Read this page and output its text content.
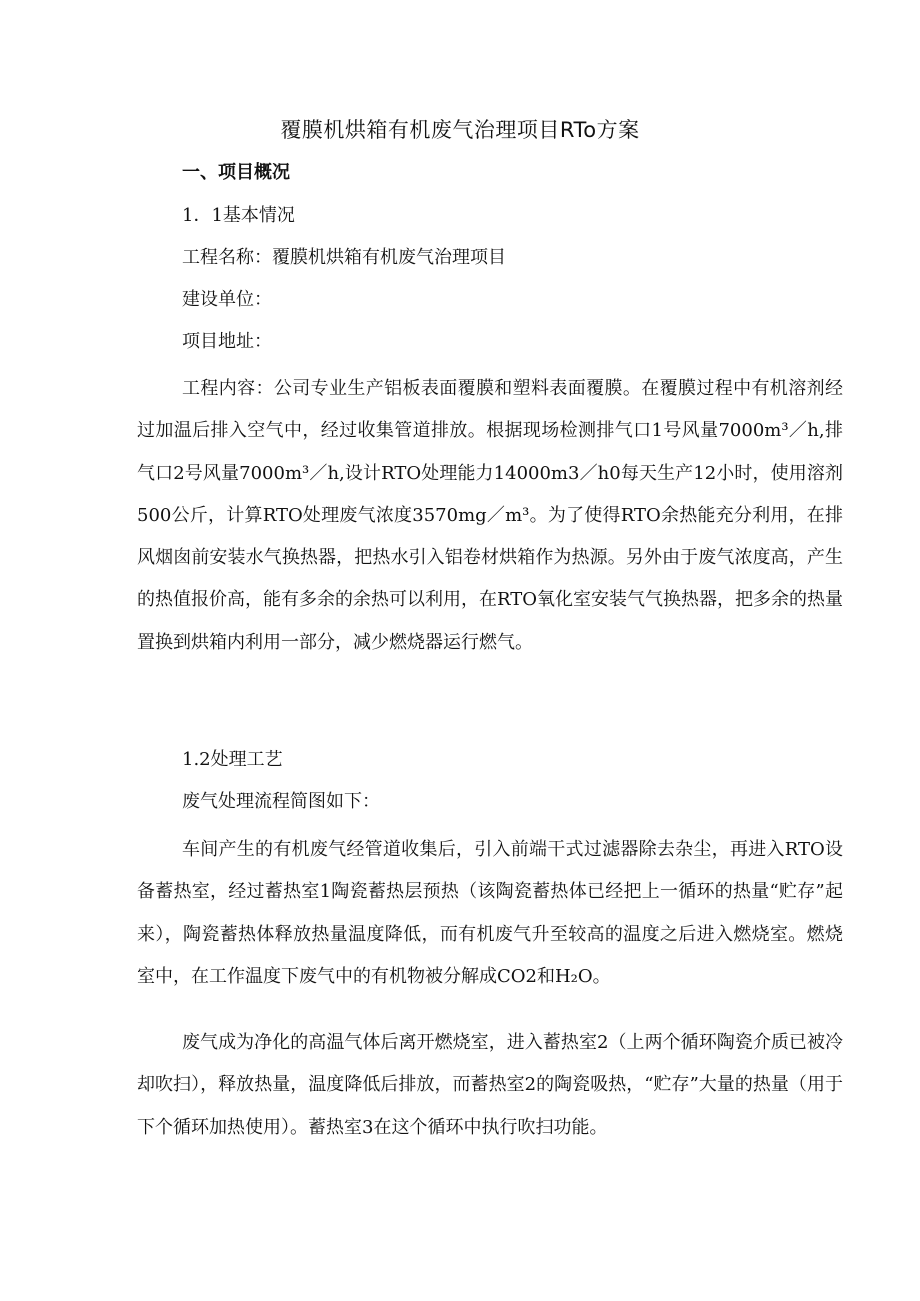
覆膜机烘箱有机废气治理项目RTo方案
一、项目概况

1．1基本情况

工程名称：覆膜机烘箱有机废气治理项目

建设单位：

项目地址：

工程内容：公司专业生产铝板表面覆膜和塑料表面覆膜。在覆膜过程中有机溶剂经过加温后排入空气中，经过收集管道排放。根据现场检测排气口1号风量7000m³／h,排气口2号风量7000m³／h,设计RTO处理能力14000m3／h0每天生产12小时，使用溶剂500公斤，计算RTO处理废气浓度3570mg／m³。为了使得RTO余热能充分利用，在排风烟囱前安装水气换热器，把热水引入铝卷材烘箱作为热源。另外由于废气浓度高，产生的热值报价高，能有多余的余热可以利用，在RTO氧化室安装气气换热器，把多余的热量置换到烘箱内利用一部分，减少燃烧器运行燃气。

1.2处理工艺

废气处理流程简图如下：

车间产生的有机废气经管道收集后，引入前端干式过滤器除去杂尘，再进入RTO设备蓄热室，经过蓄热室1陶瓷蓄热层预热（该陶瓷蓄热体已经把上一循环的热量“贮存”起来），陶瓷蓄热体释放热量温度降低，而有机废气升至较高的温度之后进入燃烧室。燃烧室中，在工作温度下废气中的有机物被分解成CO2和H₂O。

废气成为净化的高温气体后离开燃烧室，进入蓄热室2（上两个循环陶瓷介质已被冷却吹扫），释放热量，温度降低后排放，而蓄热室2的陶瓷吸热，“贮存”大量的热量（用于下个循环加热使用）。蓄热室3在这个循环中执行吹扫功能。
